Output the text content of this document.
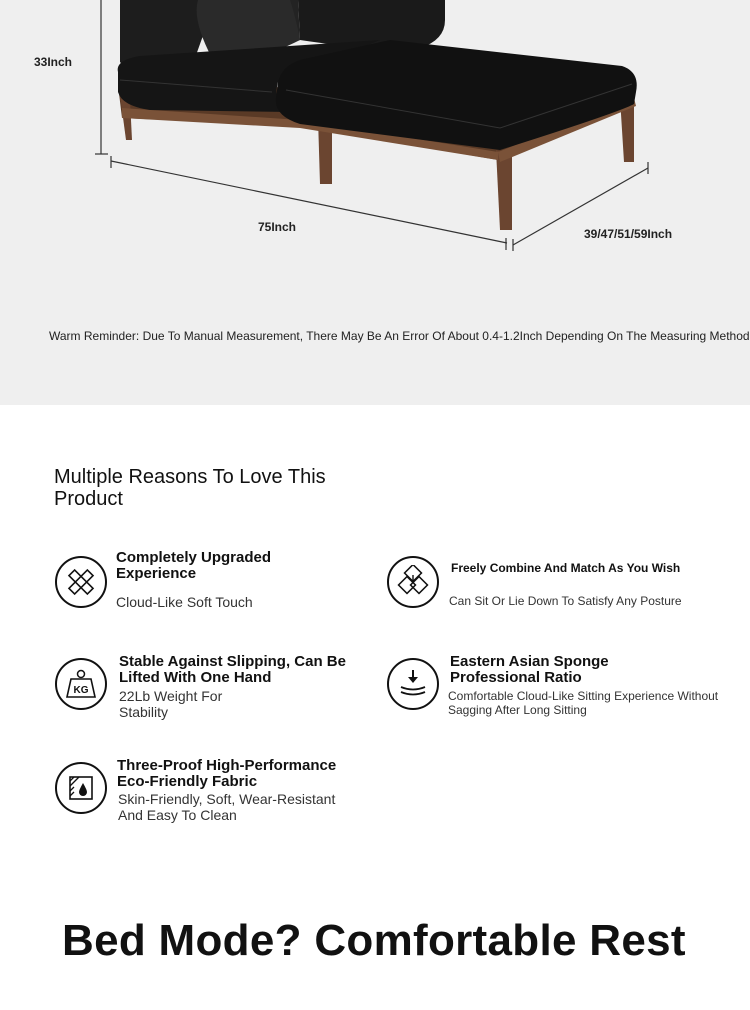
33Inch
75Inch	39/47/51/59Inch
Warm Reminder: Due To Manual Measurement, There May Be An Error Of About 0.4-1.2Inch Depending On The Measuring Method
Multiple Reasons To Love This Product
Completely Upgraded Experience
Cloud-Like Soft Touch
Freely Combine And Match As You Wish
Can Sit Or Lie Down To Satisfy Any Posture
KG
Stable Against Slipping, Can Be Lifted With One Hand
22Lb Weight For Stability
Eastern Asian Sponge Professional Ratio
Comfortable Cloud-Like Sitting Experience Without Sagging After Long Sitting
Three-Proof High-Performance Eco-Friendly Fabric
Skin-Friendly, Soft, Wear-Resistant And Easy To Clean
Bed Mode? Comfortable Rest
